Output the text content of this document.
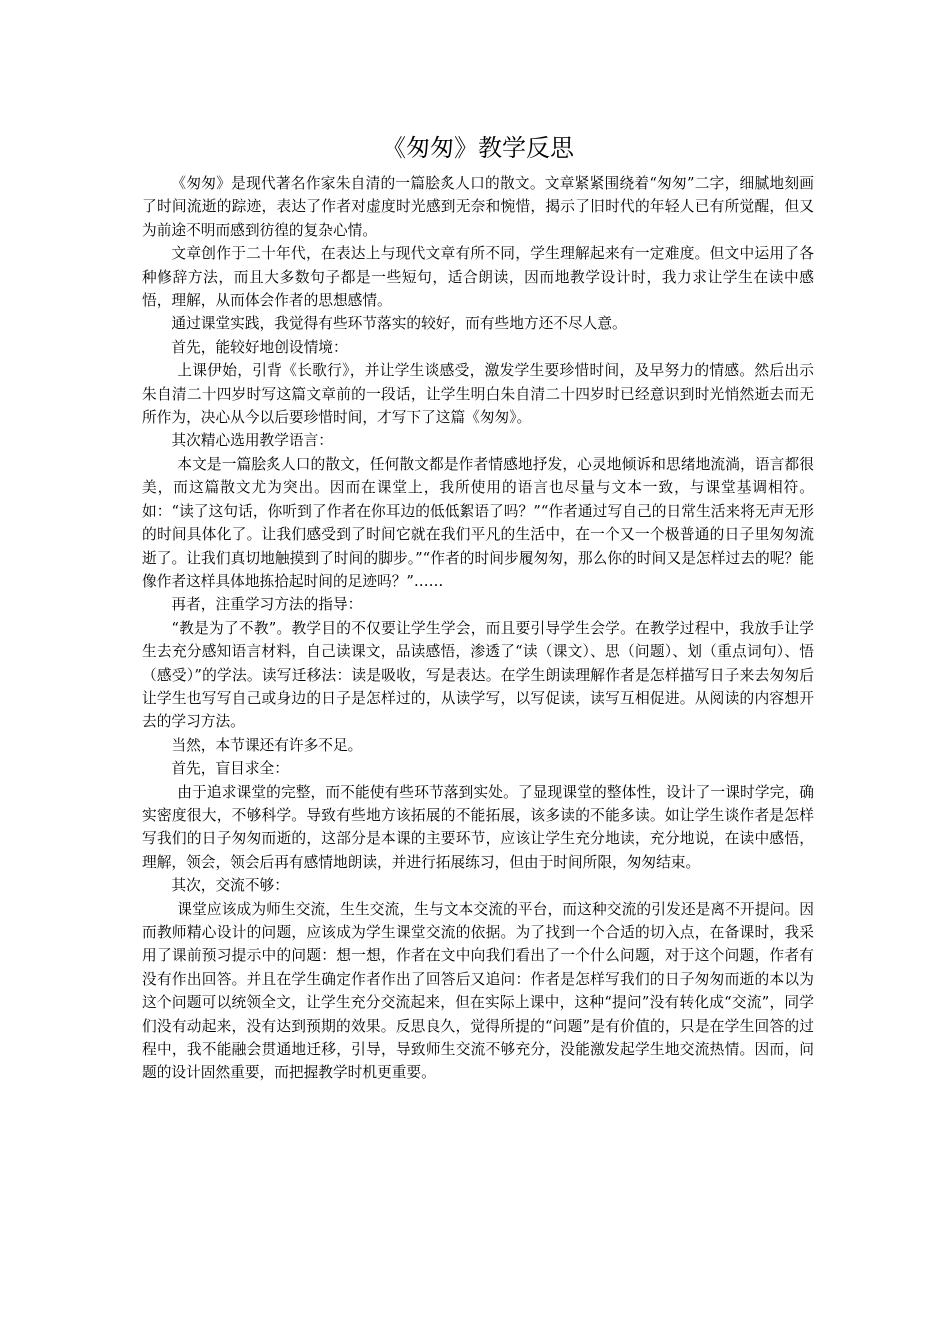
《匆匆》教学反思

《匆匆》是现代著名作家朱自清的一篇脍炙人口的散文。文章紧紧围绕着“匆匆”二字，细腻地刻画了时间流逝的踪迹，表达了作者对虚度时光感到无奈和惋惜，揭示了旧时代的年轻人已有所觉醒，但又为前途不明而感到彷徨的复杂心情。

文章创作于二十年代，在表达上与现代文章有所不同，学生理解起来有一定难度。但文中运用了各种修辞方法，而且大多数句子都是一些短句，适合朗读，因而地教学设计时，我力求让学生在读中感悟，理解，从而体会作者的思想感情。

通过课堂实践，我觉得有些环节落实的较好，而有些地方还不尽人意。

首先，能较好地创设情境：

上课伊始，引背《长歌行》，并让学生谈感受，激发学生要珍惜时间，及早努力的情感。然后出示朱自清二十四岁时写这篇文章前的一段话，让学生明白朱自清二十四岁时已经意识到时光悄然逝去而无所作为，决心从今以后要珍惜时间，才写下了这篇《匆匆》。

其次精心选用教学语言：

本文是一篇脍炙人口的散文，任何散文都是作者情感地抒发，心灵地倾诉和思绪地流淌，语言都很美，而这篇散文尤为突出。因而在课堂上，我所使用的语言也尽量与文本一致，与课堂基调相符。如：“读了这句话，你听到了作者在你耳边的低低絮语了吗？”“作者通过写自己的日常生活来将无声无形的时间具体化了。让我们感受到了时间它就在我们平凡的生活中，在一个又一个极普通的日子里匆匆流逝了。让我们真切地触摸到了时间的脚步。”“作者的时间步履匆匆，那么你的时间又是怎样过去的呢？能像作者这样具体地拣拾起时间的足迹吗？”……

再者，注重学习方法的指导：

“教是为了不教”。教学目的不仅要让学生学会，而且要引导学生会学。在教学过程中，我放手让学生去充分感知语言材料，自己读课文，品读感悟，渗透了“读（课文）、思（问题）、划（重点词句）、悟（感受）”的学法。读写迁移法：读是吸收，写是表达。在学生朗读理解作者是怎样描写日子来去匆匆后让学生也写写自己或身边的日子是怎样过的，从读学写，以写促读，读写互相促进。从阅读的内容想开去的学习方法。

当然，本节课还有许多不足。

首先，盲目求全：

由于追求课堂的完整，而不能使有些环节落到实处。了显现课堂的整体性，设计了一课时学完，确实密度很大，不够科学。导致有些地方该拓展的不能拓展，该多读的不能多读。如让学生谈作者是怎样写我们的日子匆匆而逝的，这部分是本课的主要环节，应该让学生充分地读，充分地说，在读中感悟，理解，领会，领会后再有感情地朗读，并进行拓展练习，但由于时间所限，匆匆结束。

其次，交流不够：

课堂应该成为师生交流，生生交流，生与文本交流的平台，而这种交流的引发还是离不开提问。因而教师精心设计的问题，应该成为学生课堂交流的依据。为了找到一个合适的切入点，在备课时，我采用了课前预习提示中的问题：想一想，作者在文中向我们看出了一个什么问题，对于这个问题，作者有没有作出回答。并且在学生确定作者作出了回答后又追问：作者是怎样写我们的日子匆匆而逝的本以为这个问题可以统领全文，让学生充分交流起来，但在实际上课中，这种“提问”没有转化成“交流”，同学们没有动起来，没有达到预期的效果。反思良久，觉得所提的“问题”是有价值的，只是在学生回答的过程中，我不能融会贯通地迁移，引导，导致师生交流不够充分，没能激发起学生地交流热情。因而，问题的设计固然重要，而把握教学时机更重要。
